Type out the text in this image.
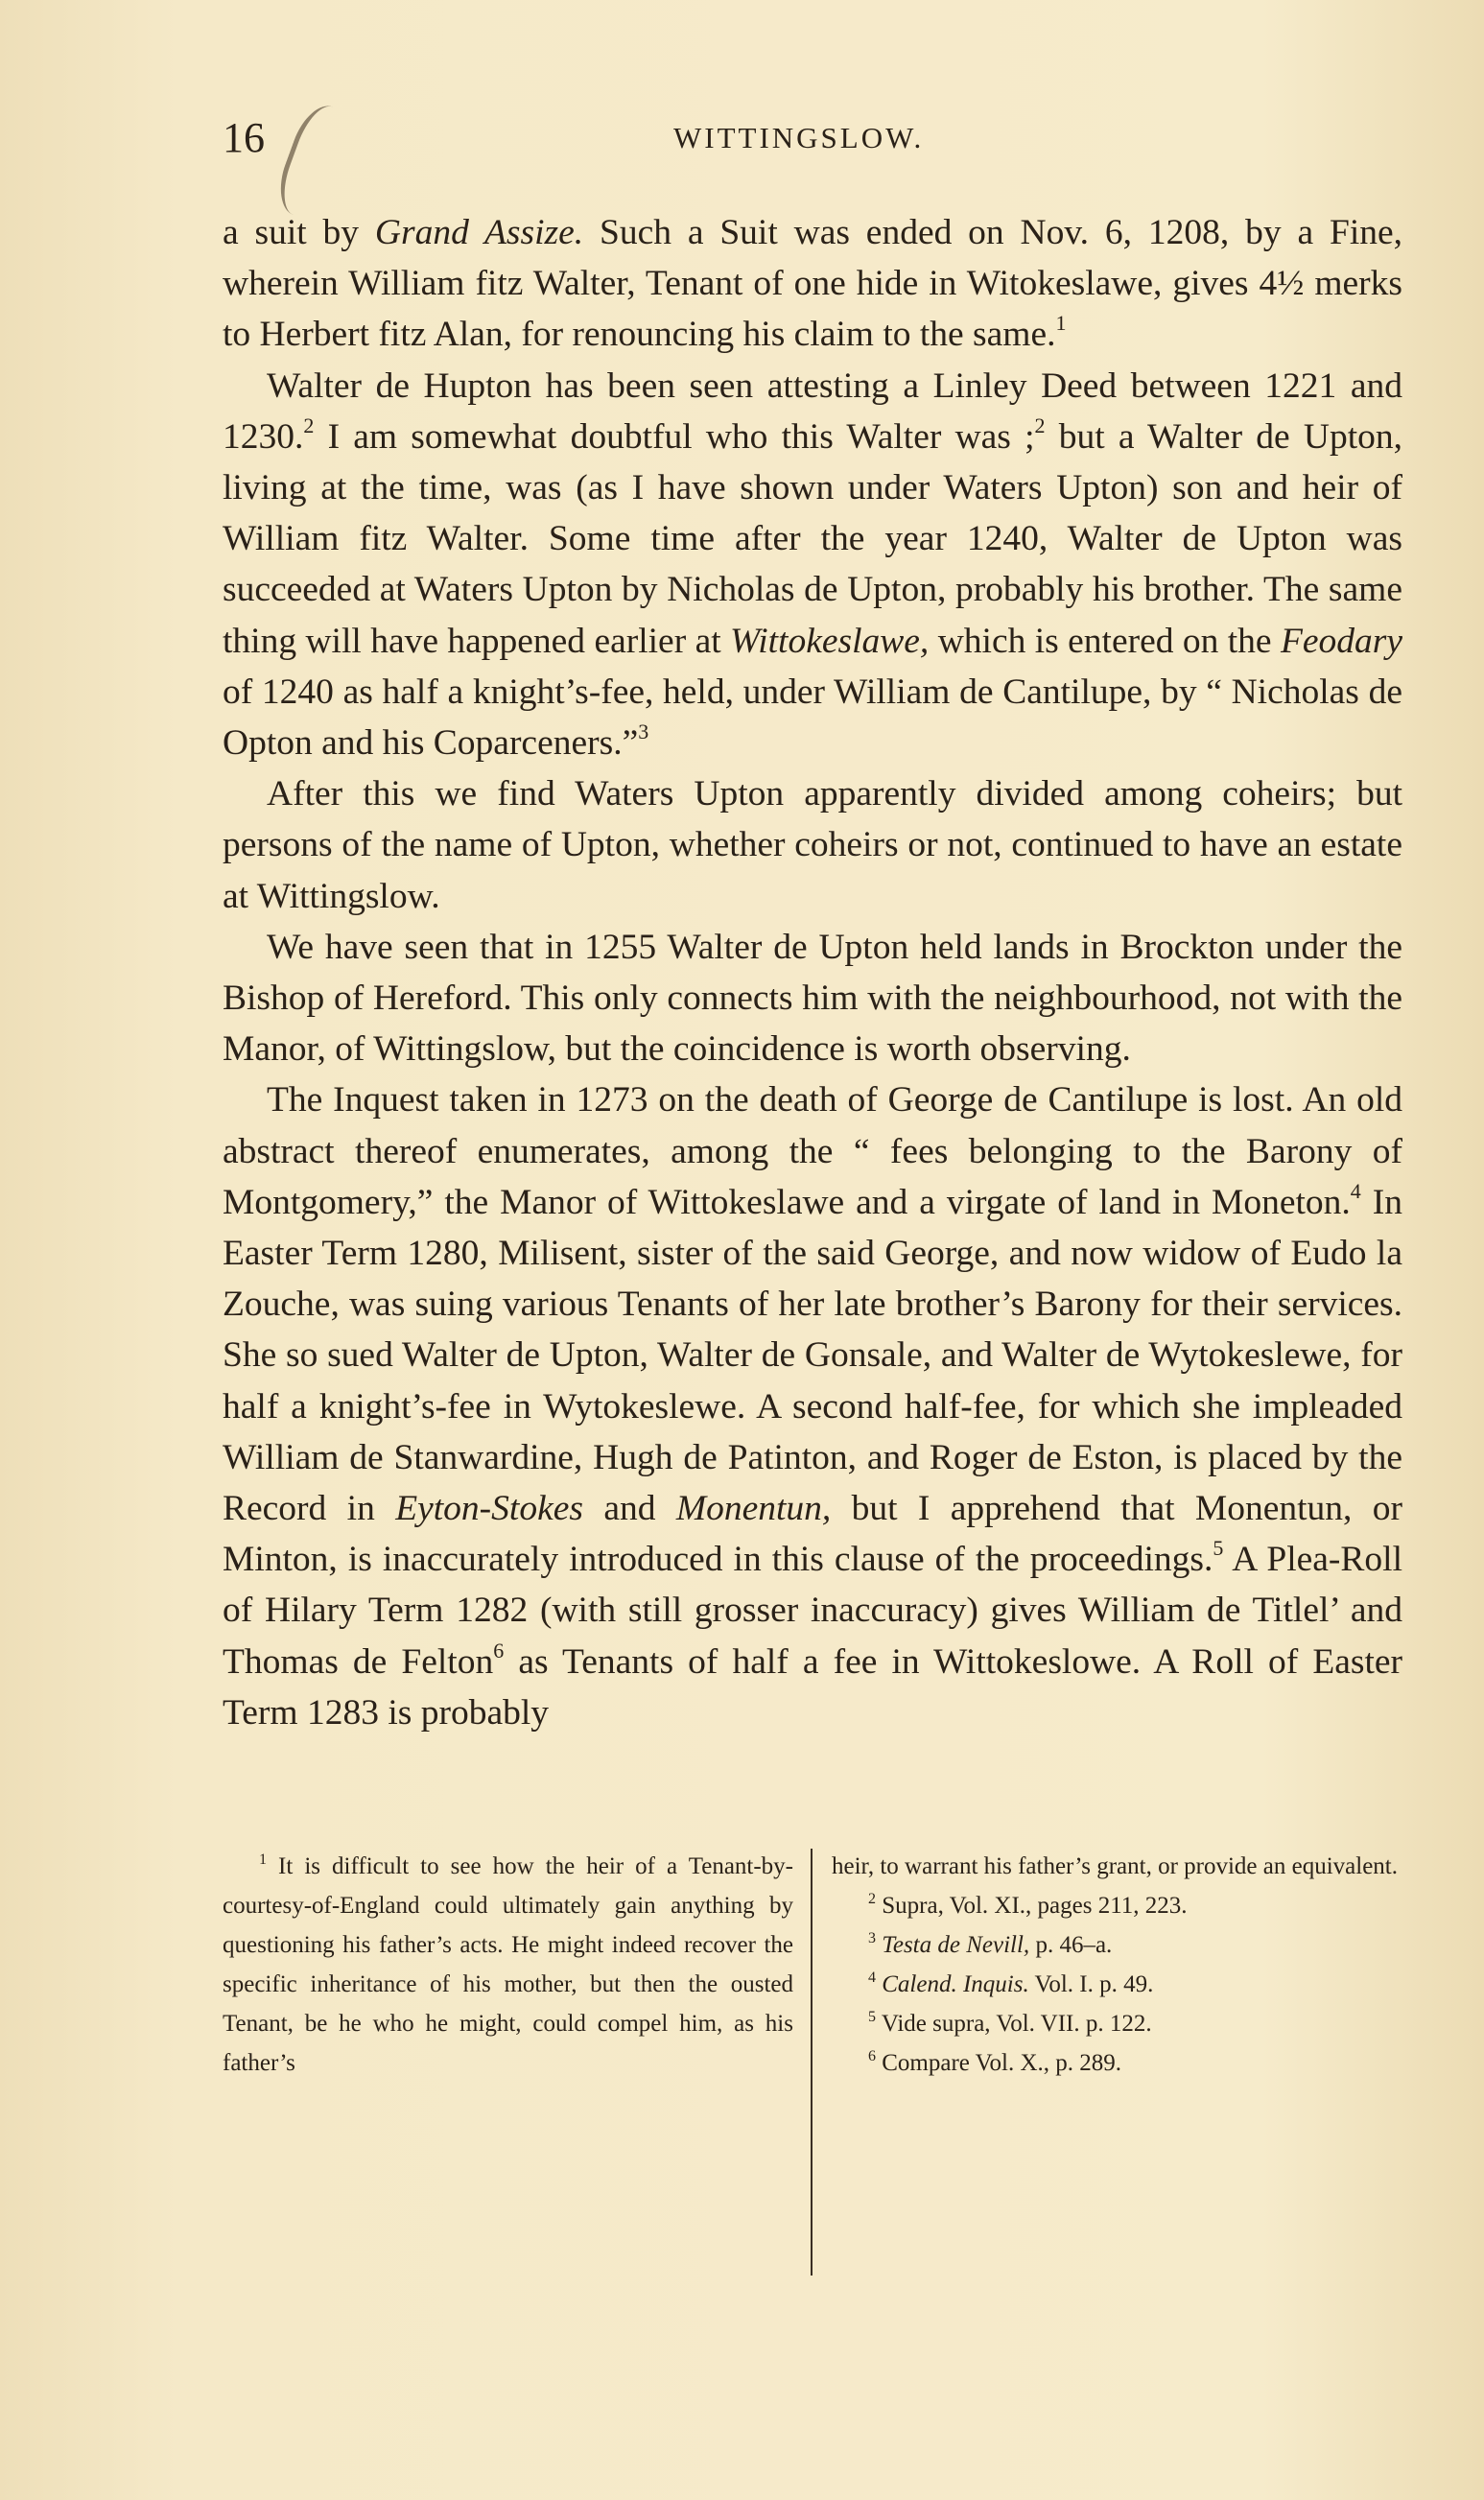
16	WITTINGSLOW.

a suit by Grand Assize. Such a Suit was ended on Nov. 6, 1208, by a Fine, wherein William fitz Walter, Tenant of one hide in Witokeslawe, gives 4½ merks to Herbert fitz Alan, for renouncing his claim to the same.$^1$

Walter de Hupton has been seen attesting a Linley Deed between 1221 and 1230.$^2$ I am somewhat doubtful who this Walter was ;$^2$ but a Walter de Upton, living at the time, was (as I have shown under Waters Upton) son and heir of William fitz Walter. Some time after the year 1240, Walter de Upton was succeeded at Waters Upton by Nicholas de Upton, probably his brother. The same thing will have happened earlier at Wittokeslawe, which is entered on the Feodary of 1240 as half a knight’s-fee, held, under William de Cantilupe, by “ Nicholas de Opton and his Coparceners.”$^3$

After this we find Waters Upton apparently divided among coheirs; but persons of the name of Upton, whether coheirs or not, continued to have an estate at Wittingslow.

We have seen that in 1255 Walter de Upton held lands in Brockton under the Bishop of Hereford. This only connects him with the neighbourhood, not with the Manor, of Wittingslow, but the coincidence is worth observing.

The Inquest taken in 1273 on the death of George de Cantilupe is lost. An old abstract thereof enumerates, among the “ fees belonging to the Barony of Montgomery,” the Manor of Wittokeslawe and a virgate of land in Moneton.$^4$ In Easter Term 1280, Milisent, sister of the said George, and now widow of Eudo la Zouche, was suing various Tenants of her late brother’s Barony for their services. She so sued Walter de Upton, Walter de Gonsale, and Walter de Wytokeslewe, for half a knight’s-fee in Wytokeslewe. A second half-fee, for which she impleaded William de Stanwardine, Hugh de Patinton, and Roger de Eston, is placed by the Record in Eyton-Stokes and Monentun, but I apprehend that Monentun, or Minton, is inaccurately introduced in this clause of the proceedings.$^5$ A Plea-Roll of Hilary Term 1282 (with still grosser inaccuracy) gives William de Titlel’ and Thomas de Felton$^6$ as Tenants of half a fee in Wittokeslowe. A Roll of Easter Term 1283 is probably

$^1$ It is difficult to see how the heir of a Tenant-by-courtesy-of-England could ultimately gain anything by questioning his father’s acts. He might indeed recover the specific inheritance of his mother, but then the ousted Tenant, be he who he might, could compel him, as his father’s

heir, to warrant his father’s grant, or provide an equivalent.

$^2$ Supra, Vol. XI., pages 211, 223.

$^3$ Testa de Nevill, p. 46–a.

$^4$ Calend. Inquis. Vol. I. p. 49.

$^5$ Vide supra, Vol. VII. p. 122.

$^6$ Compare Vol. X., p. 289.
